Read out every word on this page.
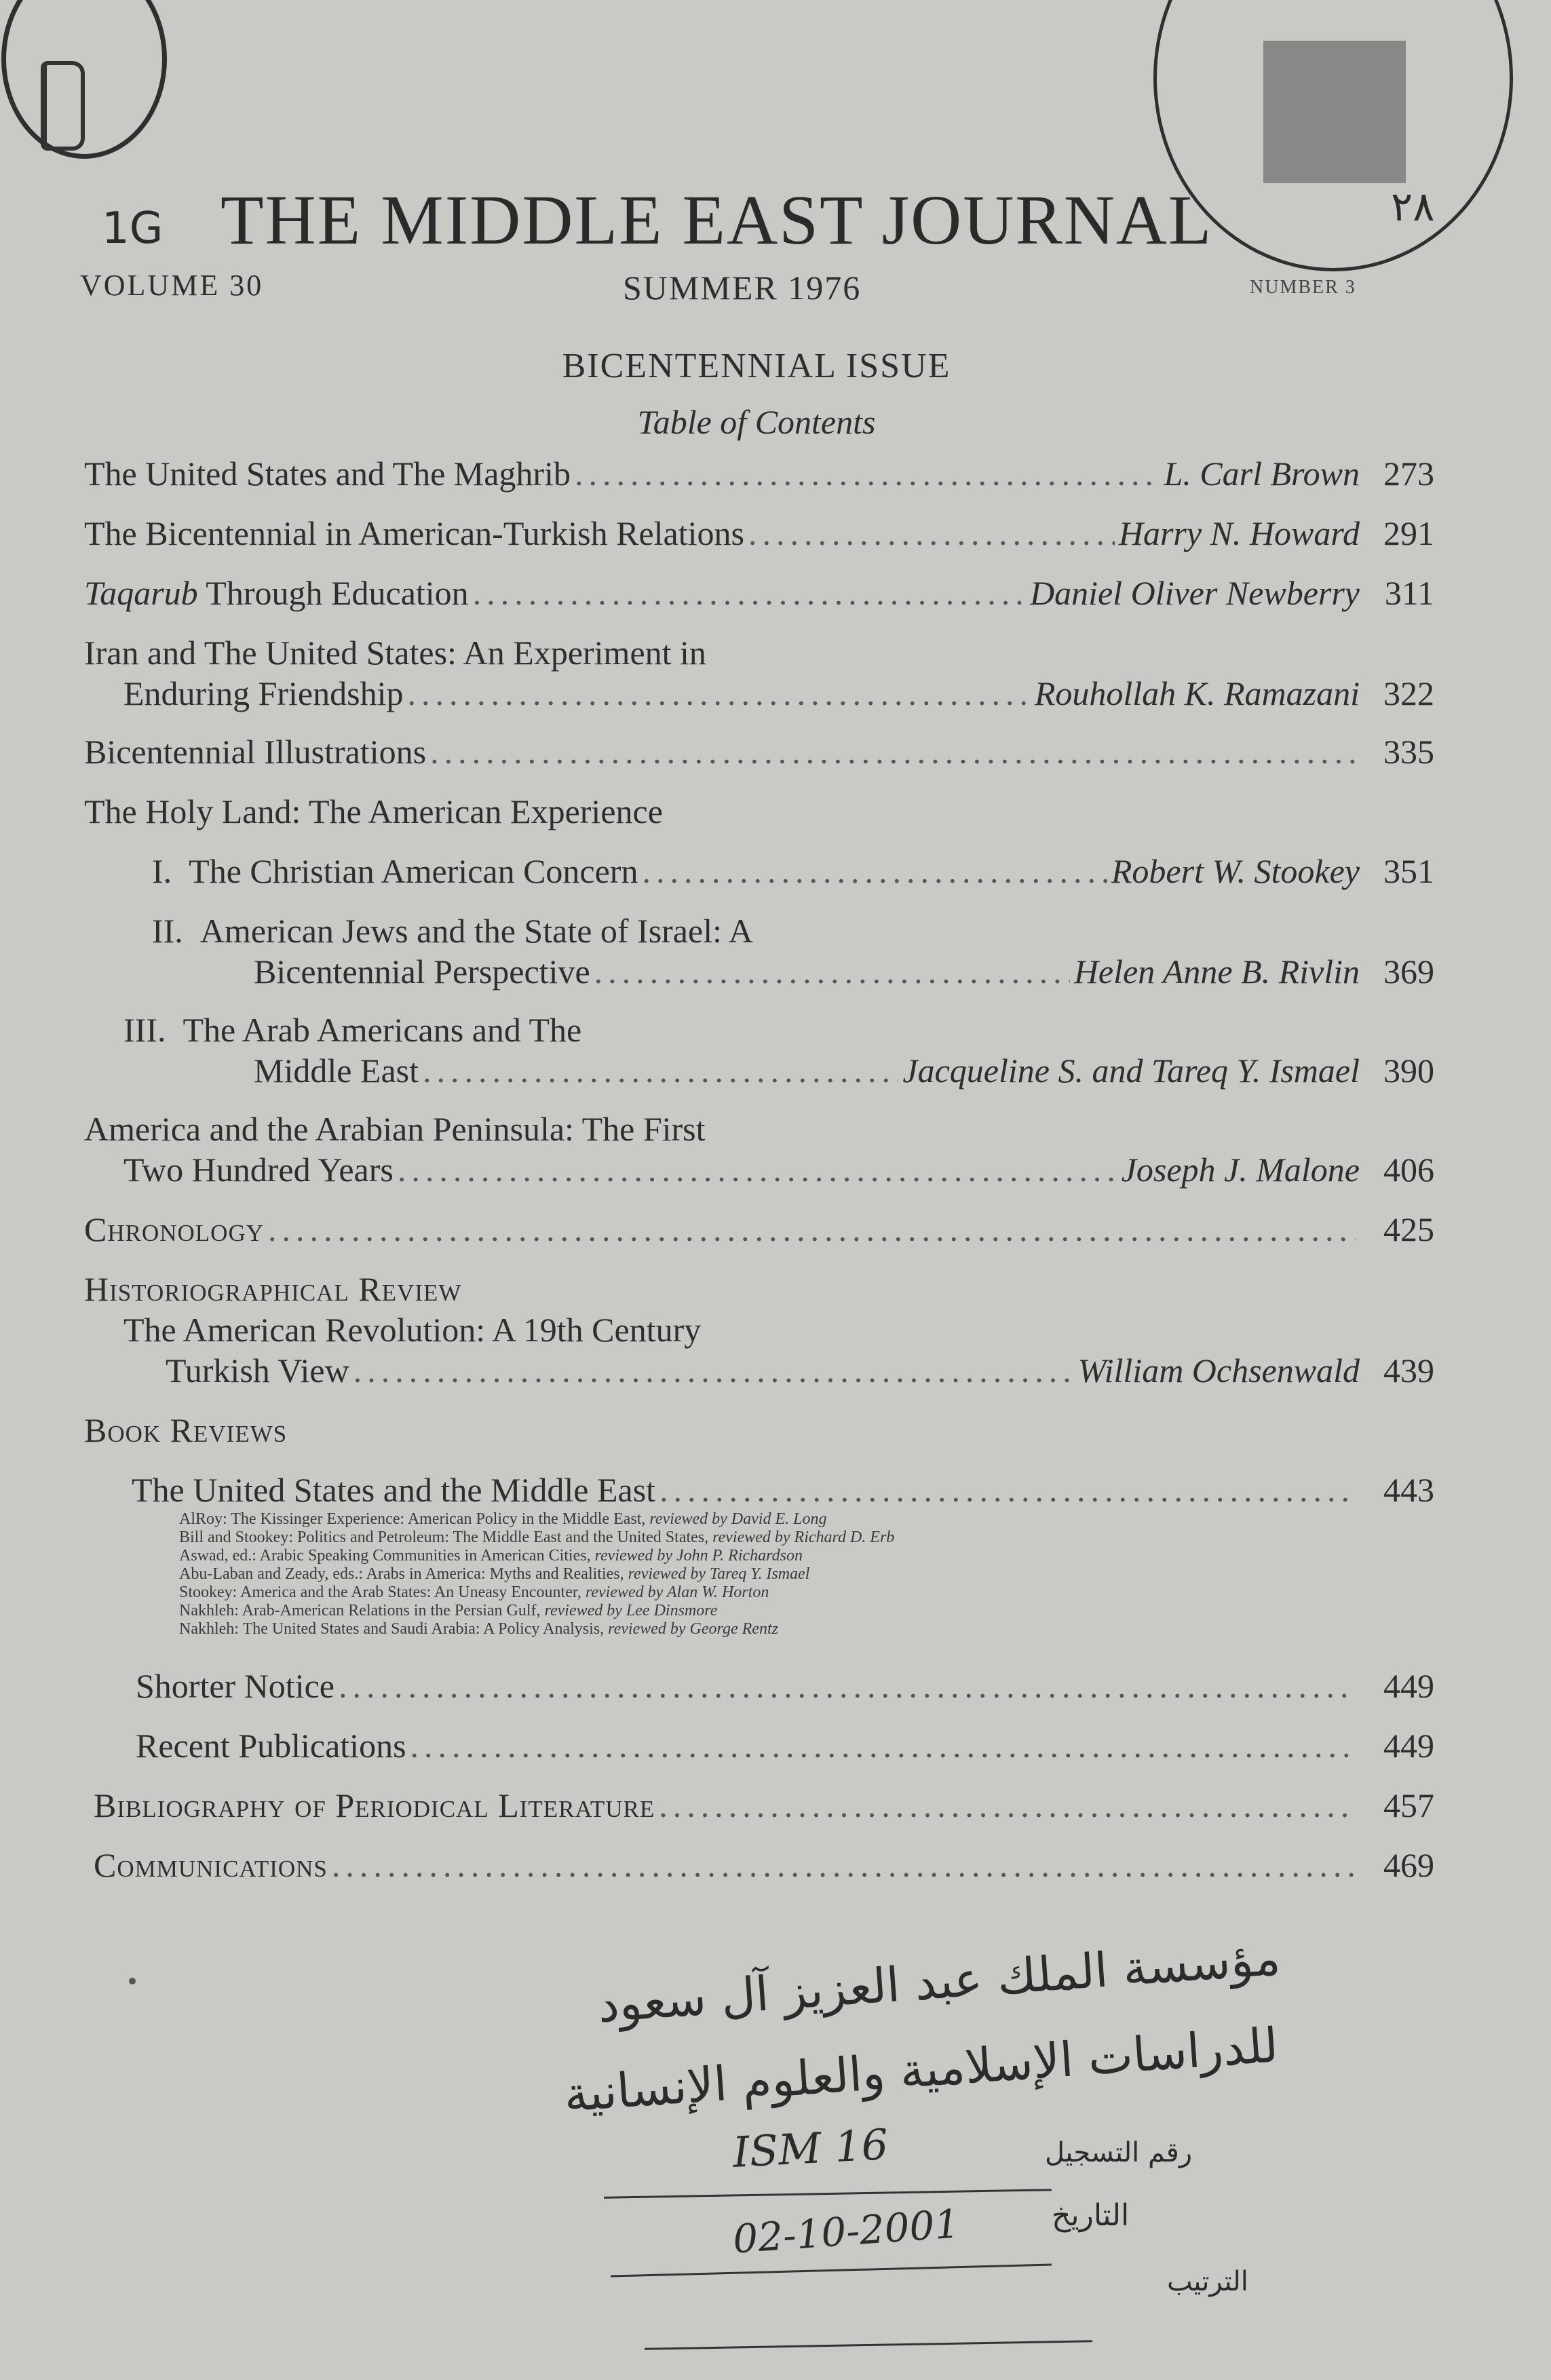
٢٨
1G THE MIDDLE EAST JOURNAL
VOLUME 30	SUMMER 1976	NUMBER 3
BICENTENNIAL ISSUE
Table of Contents
The United States and The Maghrib .....	L. Carl Brown 273
The Bicentennial in American-Turkish Relations .....	Harry N. Howard 291
Taqarub Through Education .....	Daniel Oliver Newberry 311
Iran and The United States: An Experiment in
Enduring Friendship .....	Rouhollah K. Ramazani 322
Bicentennial Illustrations .....	335
The Holy Land: The American Experience
I. The Christian American Concern .....	Robert W. Stookey 351
II. American Jews and the State of Israel: A
Bicentennial Perspective .....	Helen Anne B. Rivlin 369
III. The Arab Americans and The
Middle East .....	Jacqueline S. and Tareq Y. Ismael 390
America and the Arabian Peninsula: The First
Two Hundred Years .....	Joseph J. Malone 406
Chronology .....	425
Historiographical Review
The American Revolution: A 19th Century
Turkish View .....	William Ochsenwald 439
Book Reviews
The United States and the Middle East .....	443
AlRoy: The Kissinger Experience: American Policy in the Middle East, reviewed by David E. Long
Bill and Stookey: Politics and Petroleum: The Middle East and the United States, reviewed by Richard D. Erb
Aswad, ed.: Arabic Speaking Communities in American Cities, reviewed by John P. Richardson
Abu-Laban and Zeady, eds.: Arabs in America: Myths and Realities, reviewed by Tareq Y. Ismael
Stookey: America and the Arab States: An Uneasy Encounter, reviewed by Alan W. Horton
Nakhleh: Arab-American Relations in the Persian Gulf, reviewed by Lee Dinsmore
Nakhleh: The United States and Saudi Arabia: A Policy Analysis, reviewed by George Rentz
Shorter Notice .....	449
Recent Publications .....	449
Bibliography of Periodical Literature .....	457
Communications .....	469
مؤسسة الملك عبد العزيز آل سعود
للدراسات الإسلامية والعلوم الإنسانية
ISM 16	رقم التسجيل
02-10-2001	التاريخ
الترتيب
